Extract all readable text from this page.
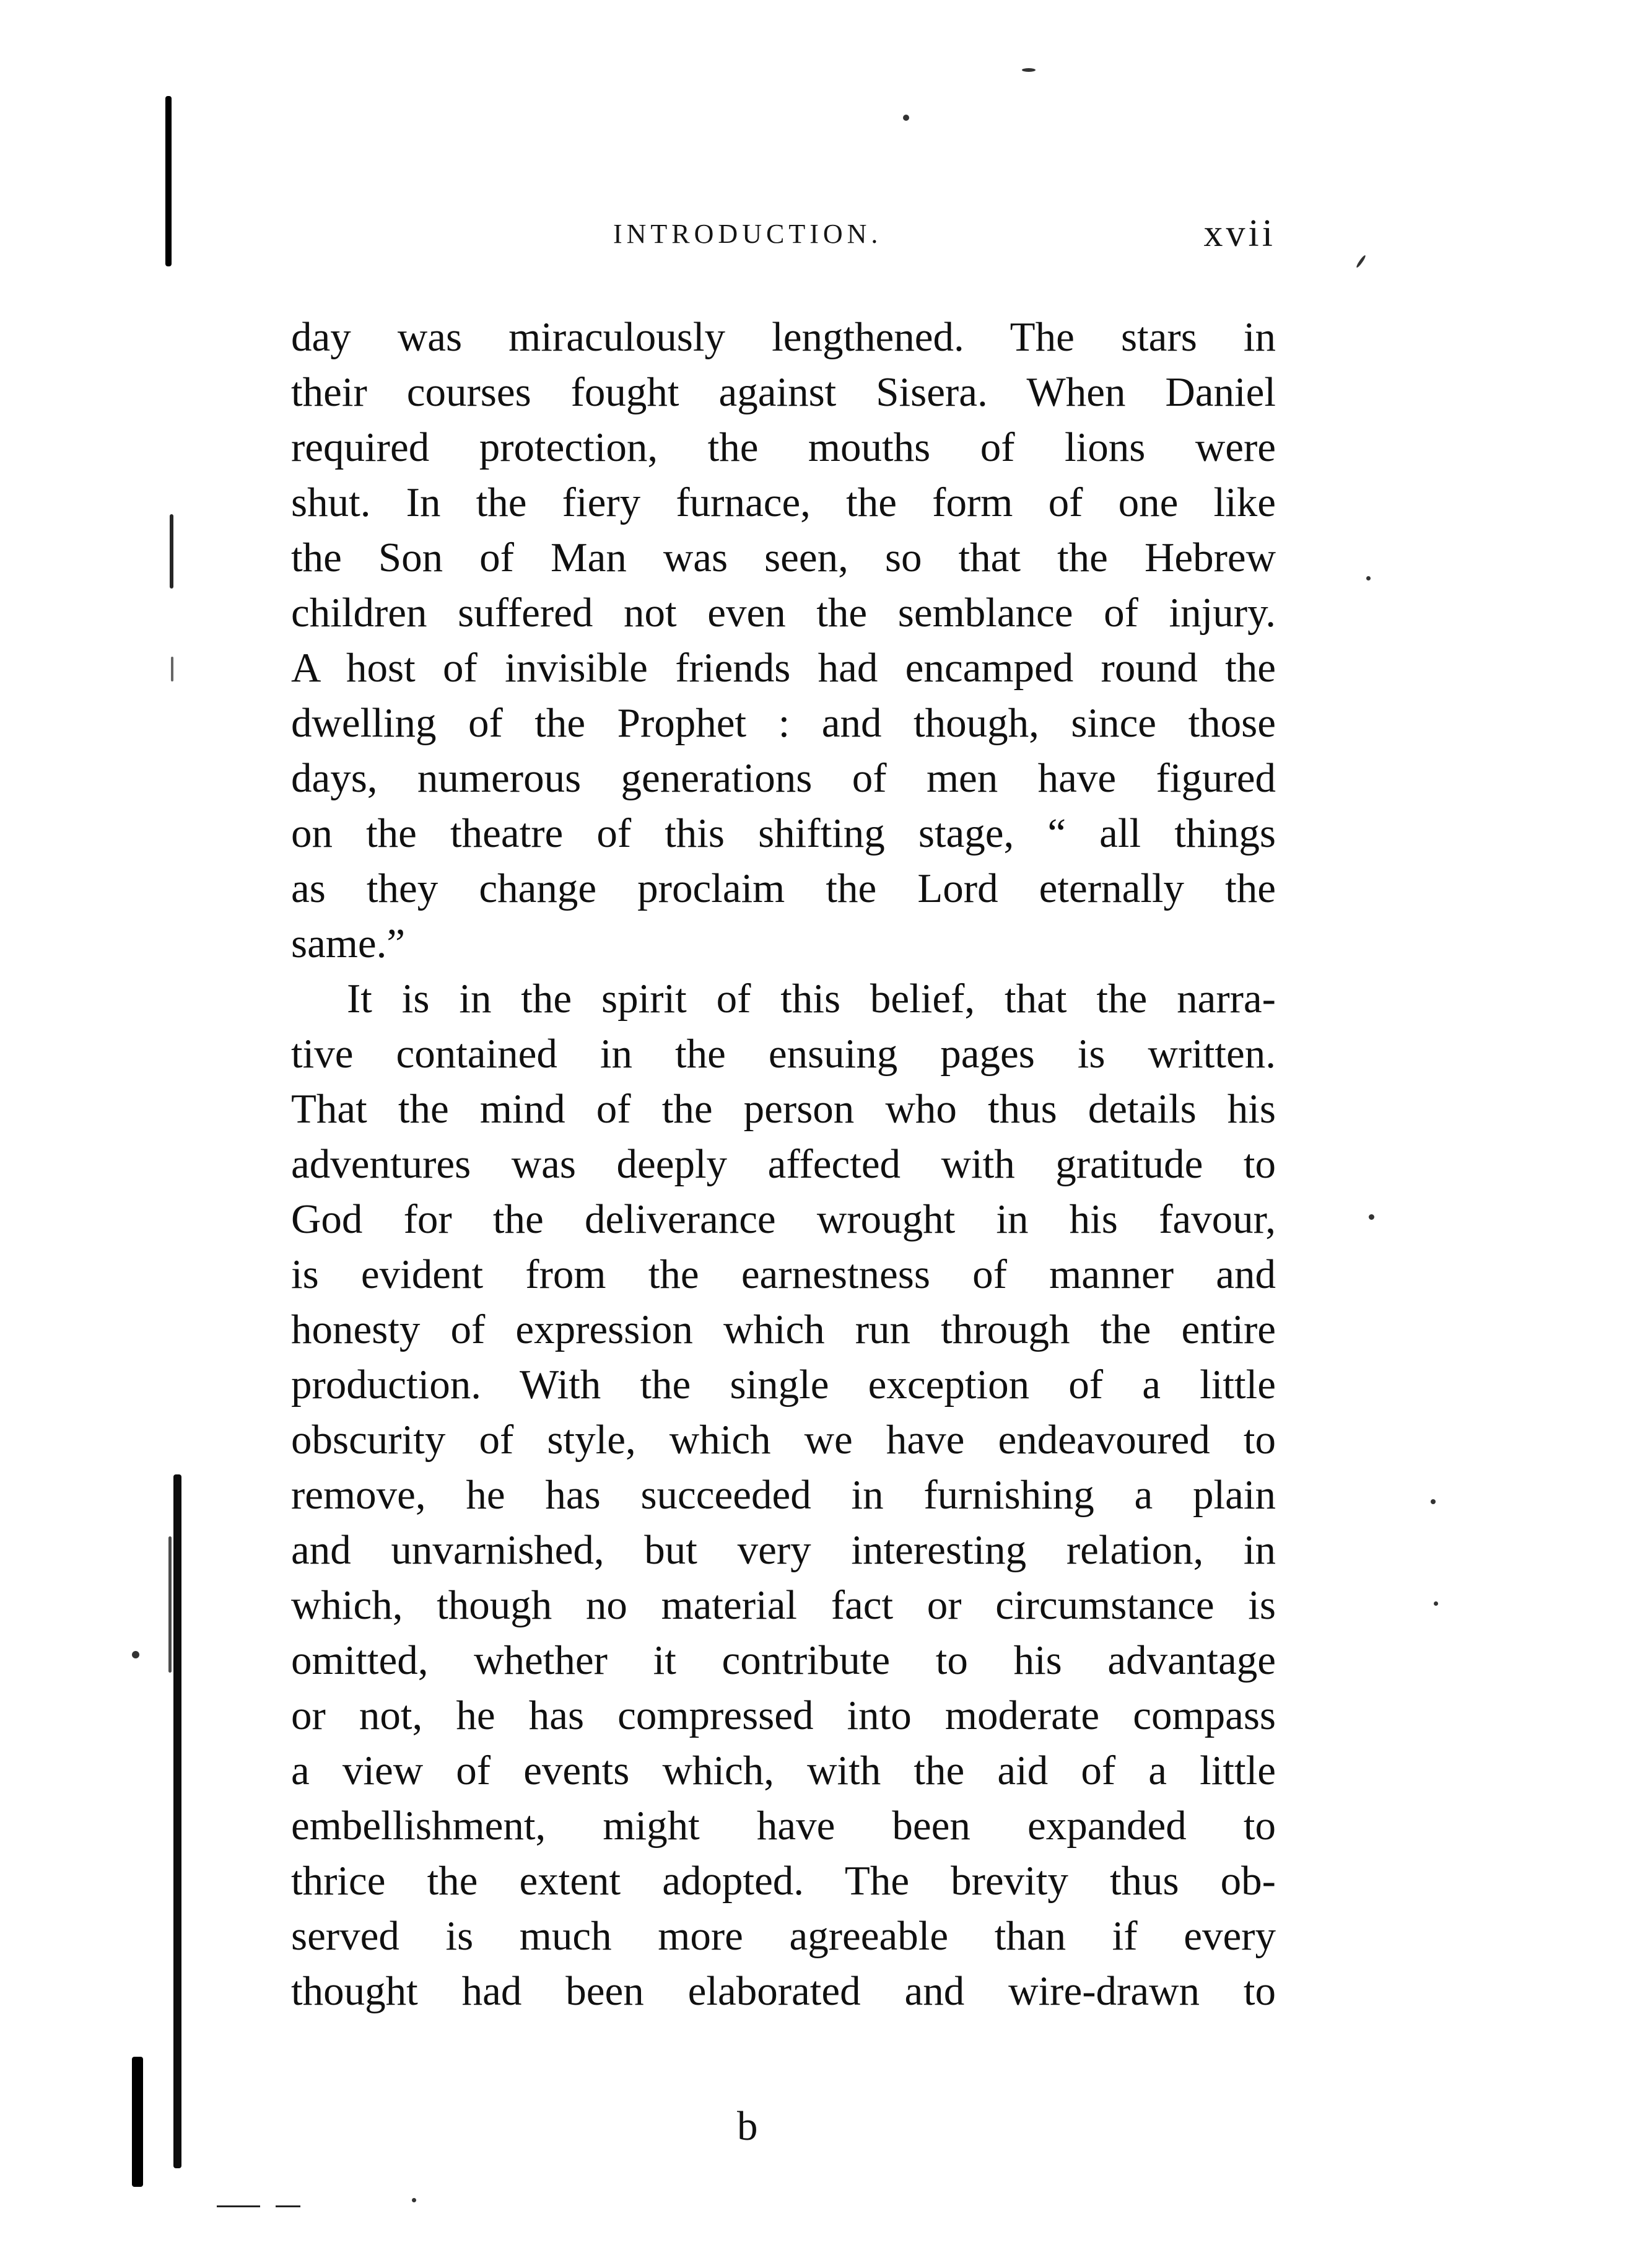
INTRODUCTION.	xvii
day was miraculously lengthened. The stars in
their courses fought against Sisera. When Daniel
required protection, the mouths of lions were
shut. In the fiery furnace, the form of one like
the Son of Man was seen, so that the Hebrew
children suffered not even the semblance of injury.
A host of invisible friends had encamped round the
dwelling of the Prophet : and though, since those
days, numerous generations of men have figured
on the theatre of this shifting stage, “ all things
as they change proclaim the Lord eternally the
same.”
It is in the spirit of this belief, that the narra-
tive contained in the ensuing pages is written.
That the mind of the person who thus details his
adventures was deeply affected with gratitude to
God for the deliverance wrought in his favour,
is evident from the earnestness of manner and
honesty of expression which run through the entire
production. With the single exception of a little
obscurity of style, which we have endeavoured to
remove, he has succeeded in furnishing a plain
and unvarnished, but very interesting relation, in
which, though no material fact or circumstance is
omitted, whether it contribute to his advantage
or not, he has compressed into moderate compass
a view of events which, with the aid of a little
embellishment, might have been expanded to
thrice the extent adopted. The brevity thus ob-
served is much more agreeable than if every
thought had been elaborated and wire-drawn to
b
